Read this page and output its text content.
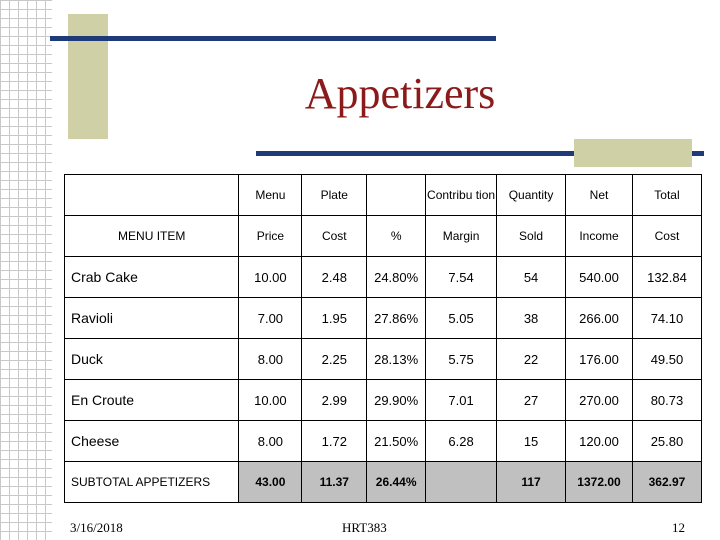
Appetizers
	Menu	Plate		Contribu tion	Quantity	Net	Total
MENU ITEM	Price	Cost	%	Margin	Sold	Income	Cost
Crab Cake	10.00	2.48	24.80%	7.54	54	540.00	132.84
Ravioli	7.00	1.95	27.86%	5.05	38	266.00	74.10
Duck	8.00	2.25	28.13%	5.75	22	176.00	49.50
En Croute	10.00	2.99	29.90%	7.01	27	270.00	80.73
Cheese	8.00	1.72	21.50%	6.28	15	120.00	25.80
SUBTOTAL APPETIZERS	43.00	11.37	26.44%		117	1372.00	362.97
3/16/2018	HRT383	12
